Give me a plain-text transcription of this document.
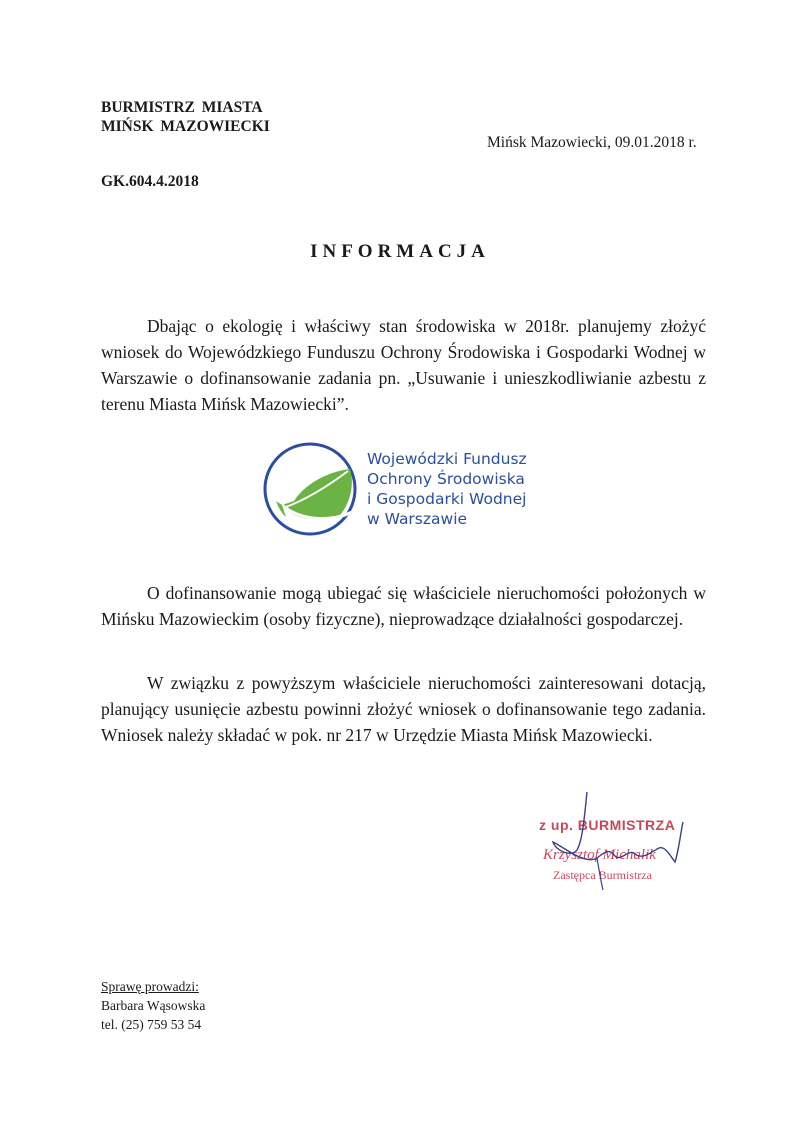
BURMISTRZ MIASTA
MIŃSK MAZOWIECKI
Mińsk Mazowiecki, 09.01.2018 r.
GK.604.4.2018
INFORMACJA

Dbając o ekologię i właściwy stan środowiska w 2018r. planujemy złożyć wniosek do Wojewódzkiego Funduszu Ochrony Środowiska i Gospodarki Wodnej w Warszawie o dofinansowanie zadania pn. „Usuwanie i unieszkodliwianie azbestu z terenu Miasta Mińsk Mazowiecki”.

Wojewódzki Fundusz
Ochrony Środowiska
i Gospodarki Wodnej
w Warszawie

O dofinansowanie mogą ubiegać się właściciele nieruchomości położonych w Mińsku Mazowieckim (osoby fizyczne), nieprowadzące działalności gospodarczej.

W związku z powyższym właściciele nieruchomości zainteresowani dotacją, planujący usunięcie azbestu powinni złożyć wniosek o dofinansowanie tego zadania. Wniosek należy składać w pok. nr 217 w Urzędzie Miasta Mińsk Mazowiecki.

z up. BURMISTRZA
Krzysztof Michalik
Zastępca Burmistrza
Sprawę prowadzi:
Barbara Wąsowska
tel. (25) 759 53 54
